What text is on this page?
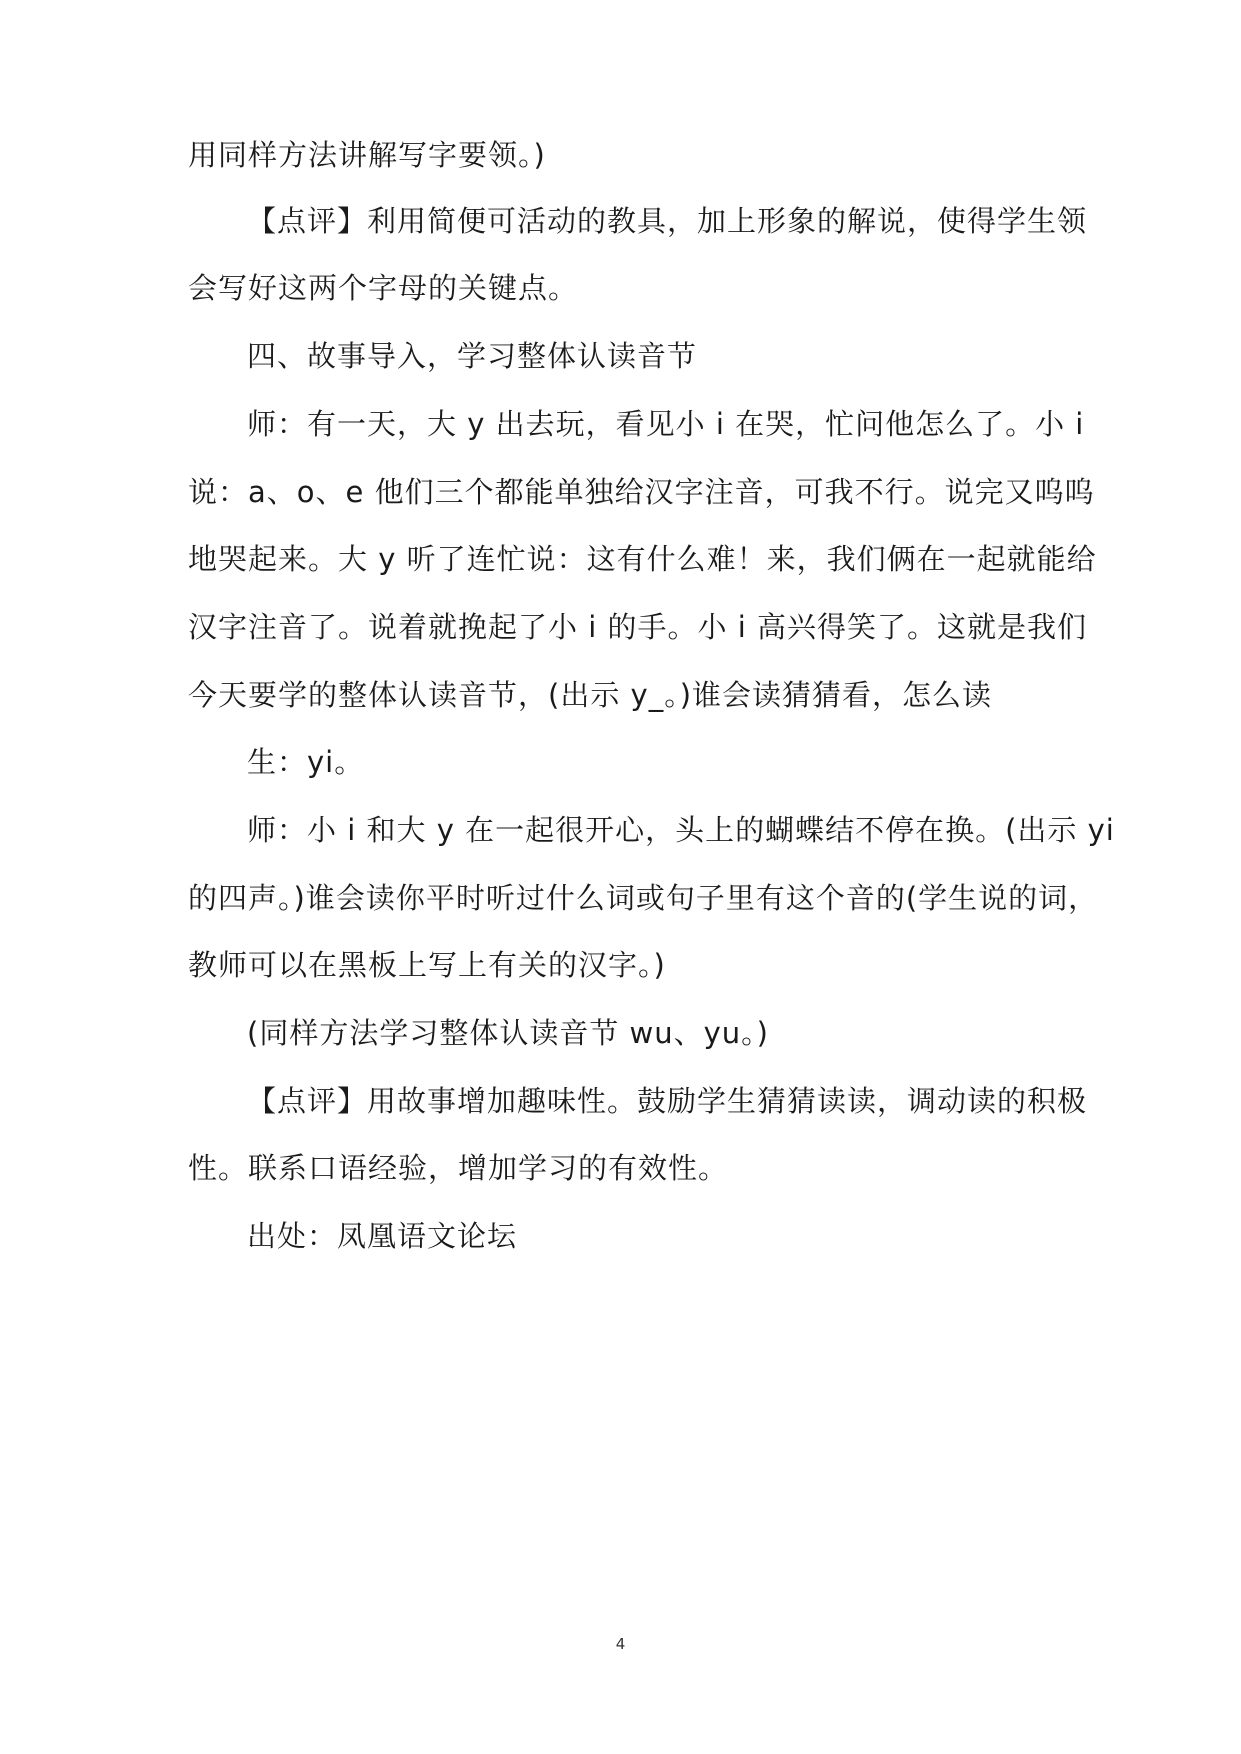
用同样方法讲解写字要领。)
【点评】利用简便可活动的教具，加上形象的解说，使得学生领
会写好这两个字母的关键点。
四、故事导入，学习整体认读音节
师：有一天，大 y 出去玩，看见小 i 在哭，忙问他怎么了。小 i
说：a、o、e 他们三个都能单独给汉字注音，可我不行。说完又呜呜
地哭起来。大 y 听了连忙说：这有什么难！来，我们俩在一起就能给
汉字注音了。说着就挽起了小 i 的手。小 i 高兴得笑了。这就是我们
今天要学的整体认读音节，(出示 y_。)谁会读猜猜看，怎么读
生：yi。
师：小 i 和大 y 在一起很开心，头上的蝴蝶结不停在换。(出示 yi
的四声。)谁会读你平时听过什么词或句子里有这个音的(学生说的词，
教师可以在黑板上写上有关的汉字。)
(同样方法学习整体认读音节 wu、yu。)
【点评】用故事增加趣味性。鼓励学生猜猜读读，调动读的积极
性。联系口语经验，增加学习的有效性。
出处：凤凰语文论坛
4
